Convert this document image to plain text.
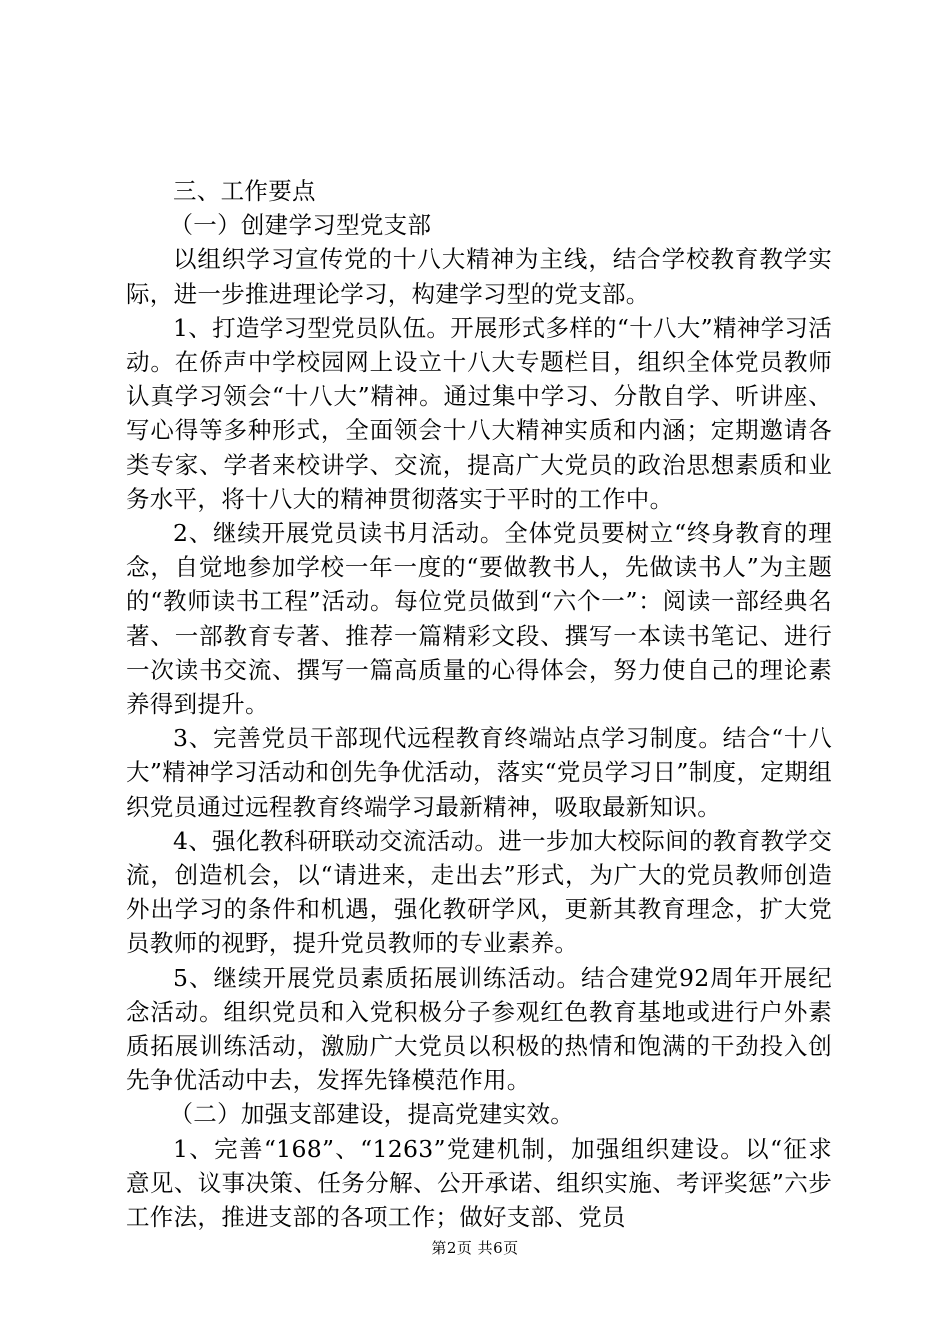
三、工作要点

（一）创建学习型党支部

以组织学习宣传党的十八大精神为主线，结合学校教育教学实际，进一步推进理论学习，构建学习型的党支部。

1、打造学习型党员队伍。开展形式多样的“十八大”精神学习活动。在侨声中学校园网上设立十八大专题栏目，组织全体党员教师认真学习领会“十八大”精神。通过集中学习、分散自学、听讲座、写心得等多种形式，全面领会十八大精神实质和内涵；定期邀请各类专家、学者来校讲学、交流，提高广大党员的政治思想素质和业务水平，将十八大的精神贯彻落实于平时的工作中。

2、继续开展党员读书月活动。全体党员要树立“终身教育的理念，自觉地参加学校一年一度的“要做教书人，先做读书人”为主题的“教师读书工程”活动。每位党员做到“六个一”：阅读一部经典名著、一部教育专著、推荐一篇精彩文段、撰写一本读书笔记、进行一次读书交流、撰写一篇高质量的心得体会，努力使自己的理论素养得到提升。

3、完善党员干部现代远程教育终端站点学习制度。结合“十八大”精神学习活动和创先争优活动，落实“党员学习日”制度，定期组织党员通过远程教育终端学习最新精神，吸取最新知识。

4、强化教科研联动交流活动。进一步加大校际间的教育教学交流，创造机会，以“请进来，走出去”形式，为广大的党员教师创造外出学习的条件和机遇，强化教研学风，更新其教育理念，扩大党员教师的视野，提升党员教师的专业素养。

5、继续开展党员素质拓展训练活动。结合建党92周年开展纪念活动。组织党员和入党积极分子参观红色教育基地或进行户外素质拓展训练活动，激励广大党员以积极的热情和饱满的干劲投入创先争优活动中去，发挥先锋模范作用。

（二）加强支部建设，提高党建实效。

1、完善“168”、“1263”党建机制，加强组织建设。以“征求意见、议事决策、任务分解、公开承诺、组织实施、考评奖惩”六步工作法，推进支部的各项工作；做好支部、党员

第2页 共6页
